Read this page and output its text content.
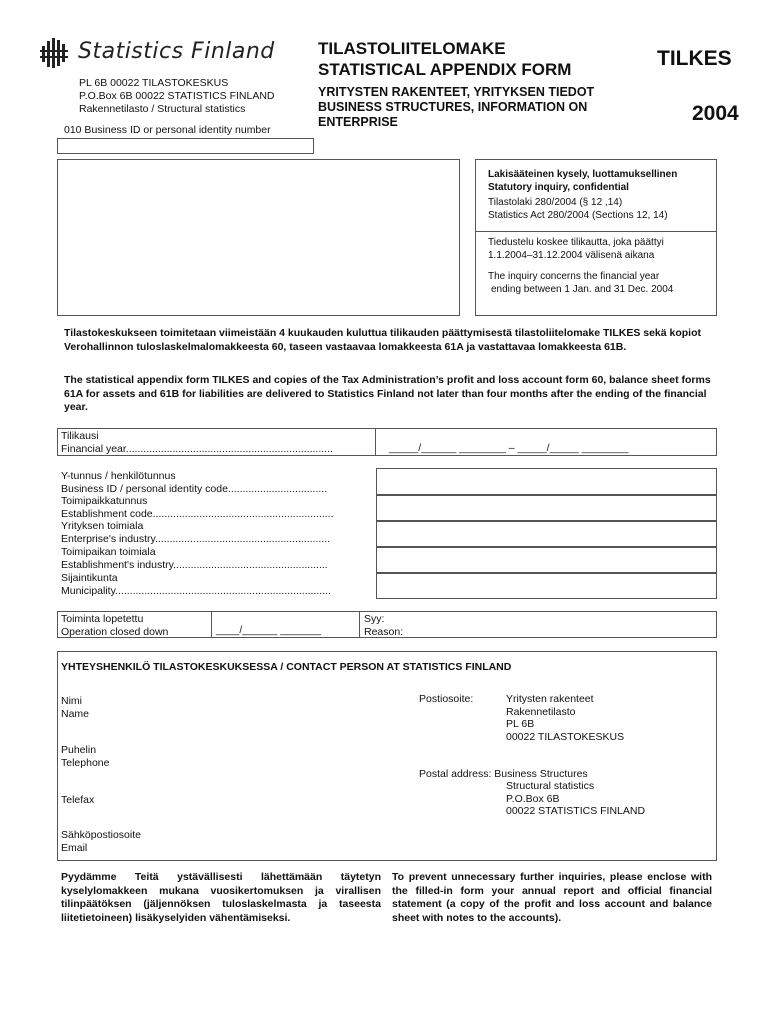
Statistics Finland
PL 6B 00022 TILASTOKESKUS
P.O.Box 6B 00022 STATISTICS FINLAND
Rakennetilasto / Structural statistics
010 Business ID or personal identity number
TILASTOLIITELOMAKE
STATISTICAL APPENDIX FORM
YRITYSTEN RAKENTEET, YRITYKSEN TIEDOT
BUSINESS STRUCTURES, INFORMATION ON
ENTERPRISE
TILKES
2004
Lakisääteinen kysely, luottamuksellinen
Statutory inquiry, confidential
Tilastolaki 280/2004 (§ 12 ,14)
Statistics Act 280/2004 (Sections 12, 14)
Tiedustelu koskee tilikautta, joka päättyi
1.1.2004–31.12.2004 välisenä aikana
The inquiry concerns the financial year
ending between 1 Jan. and 31 Dec. 2004
Tilastokeskukseen toimitetaan viimeistään 4 kuukauden kuluttua tilikauden päättymisestä tilastoliitelomake TILKES sekä kopiot Verohallinnon tuloslaskelmalomakkeesta 60, taseen vastaavaa lomakkeesta 61A ja vastattavaa lomakkeesta 61B.
The statistical appendix form TILKES and copies of the Tax Administration’s profit and loss account form 60, balance sheet forms 61A for assets and 61B for liabilities are delivered to Statistics Finland not later than four months after the ending of the financial year.
Tilikausi
Financial year.......................................................................	_____/______ ________ – _____/_____ ________
Y-tunnus / henkilötunnus
Business ID / personal identity code..................................
Toimipaikkatunnus
Establishment code..............................................................
Yrityksen toimiala
Enterprise's industry............................................................
Toimipaikan toimiala
Establishment's industry.....................................................
Sijaintikunta
Municipality..........................................................................
Toiminta lopetettu
Operation closed down	____/______ _______
Syy:
Reason:
YHTEYSHENKILÖ TILASTOKESKUKSESSA / CONTACT PERSON AT STATISTICS FINLAND
Nimi
Name
Puhelin
Telephone
Telefax
Sähköpostiosoite
Email
Postiosoite:	Yritysten rakenteet
Rakennetilasto
PL 6B
00022 TILASTOKESKUS
Postal address: Business Structures
Structural statistics
P.O.Box 6B
00022 STATISTICS FINLAND
Pyydämme Teitä ystävällisesti lähettämään täytetyn kyselylomakkeen mukana vuosikertomuksen ja virallisen tilinpäätöksen (jäljennöksen tuloslaskelmasta ja taseesta liitetietoineen) lisäkyselyiden vähentämiseksi.
To prevent unnecessary further inquiries, please enclose with the filled-in form your annual report and official financial statement (a copy of the profit and loss account and balance sheet with notes to the accounts).
